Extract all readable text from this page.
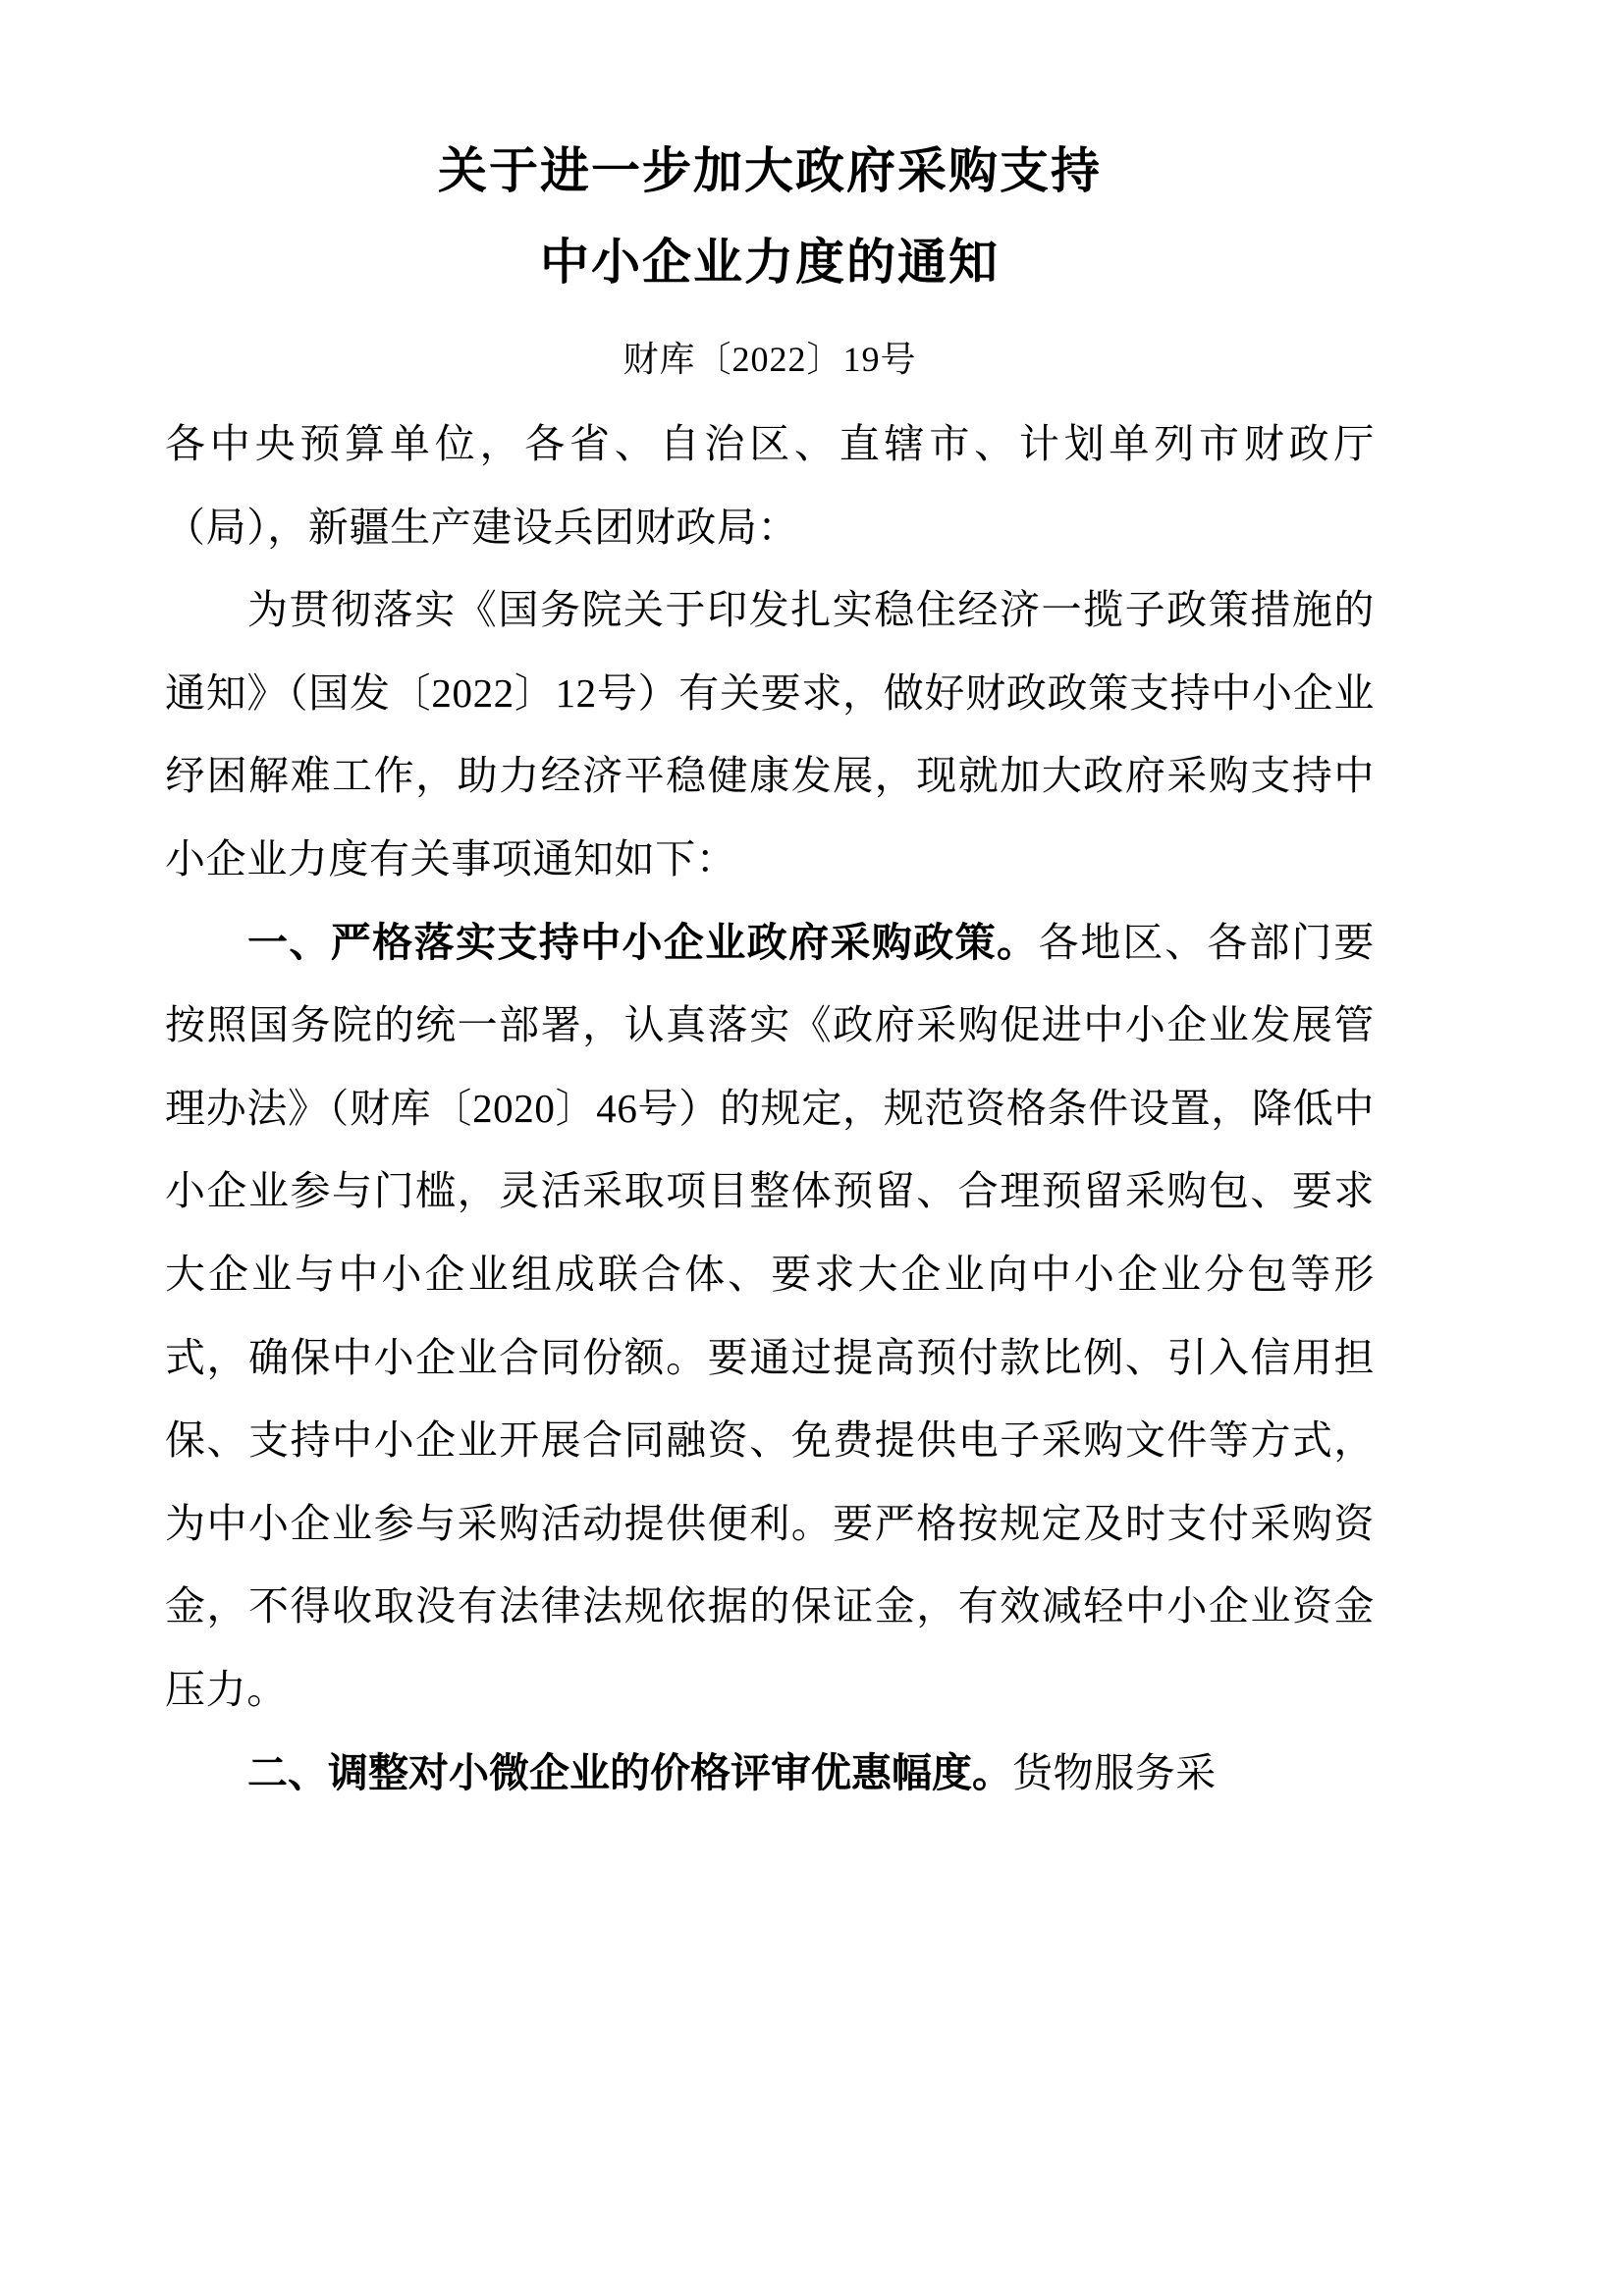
关于进一步加大政府采购支持
中小企业力度的通知
财库〔2022〕19号

各中央预算单位，各省、自治区、直辖市、计划单列市财政厅（局），新疆生产建设兵团财政局：

为贯彻落实《国务院关于印发扎实稳住经济一揽子政策措施的通知》（国发〔2022〕12号）有关要求，做好财政政策支持中小企业纾困解难工作，助力经济平稳健康发展，现就加大政府采购支持中小企业力度有关事项通知如下：

一、严格落实支持中小企业政府采购政策。各地区、各部门要按照国务院的统一部署，认真落实《政府采购促进中小企业发展管理办法》（财库〔2020〕46号）的规定，规范资格条件设置，降低中小企业参与门槛，灵活采取项目整体预留、合理预留采购包、要求大企业与中小企业组成联合体、要求大企业向中小企业分包等形式，确保中小企业合同份额。要通过提高预付款比例、引入信用担保、支持中小企业开展合同融资、免费提供电子采购文件等方式，为中小企业参与采购活动提供便利。要严格按规定及时支付采购资金，不得收取没有法律法规依据的保证金，有效减轻中小企业资金压力。

二、调整对小微企业的价格评审优惠幅度。货物服务采
